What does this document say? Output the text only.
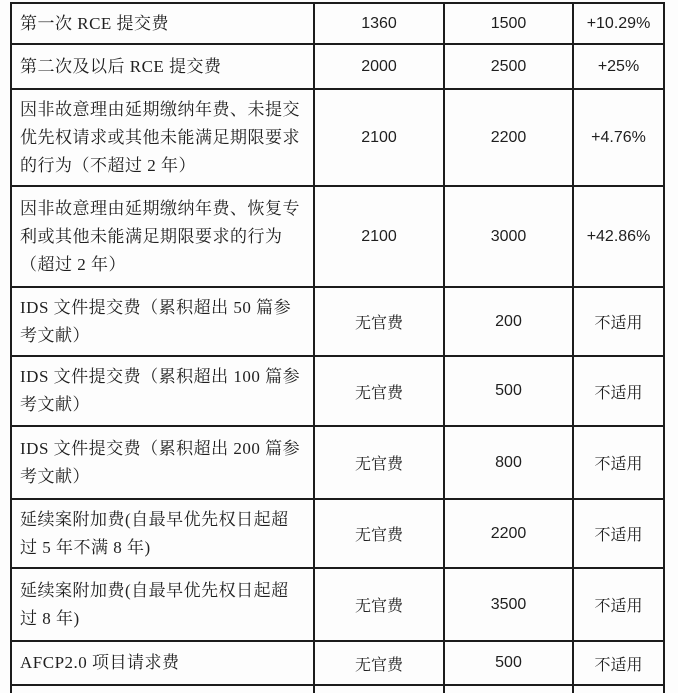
第一次 RCE 提交费	1360	1500	+10.29%
第二次及以后 RCE 提交费	2000	2500	+25%
因非故意理由延期缴纳年费、未提交优先权请求或其他未能满足期限要求的行为（不超过 2 年）	2100	2200	+4.76%
因非故意理由延期缴纳年费、恢复专利或其他未能满足期限要求的行为（超过 2 年）	2100	3000	+42.86%
IDS 文件提交费（累积超出 50 篇参考文献）	无官费	200	不适用
IDS 文件提交费（累积超出 100 篇参考文献）	无官费	500	不适用
IDS 文件提交费（累积超出 200 篇参考文献）	无官费	800	不适用
延续案附加费(自最早优先权日起超过 5 年不满 8 年)	无官费	2200	不适用
延续案附加费(自最早优先权日起超过 8 年)	无官费	3500	不适用
AFCP2.0 项目请求费	无官费	500	不适用
